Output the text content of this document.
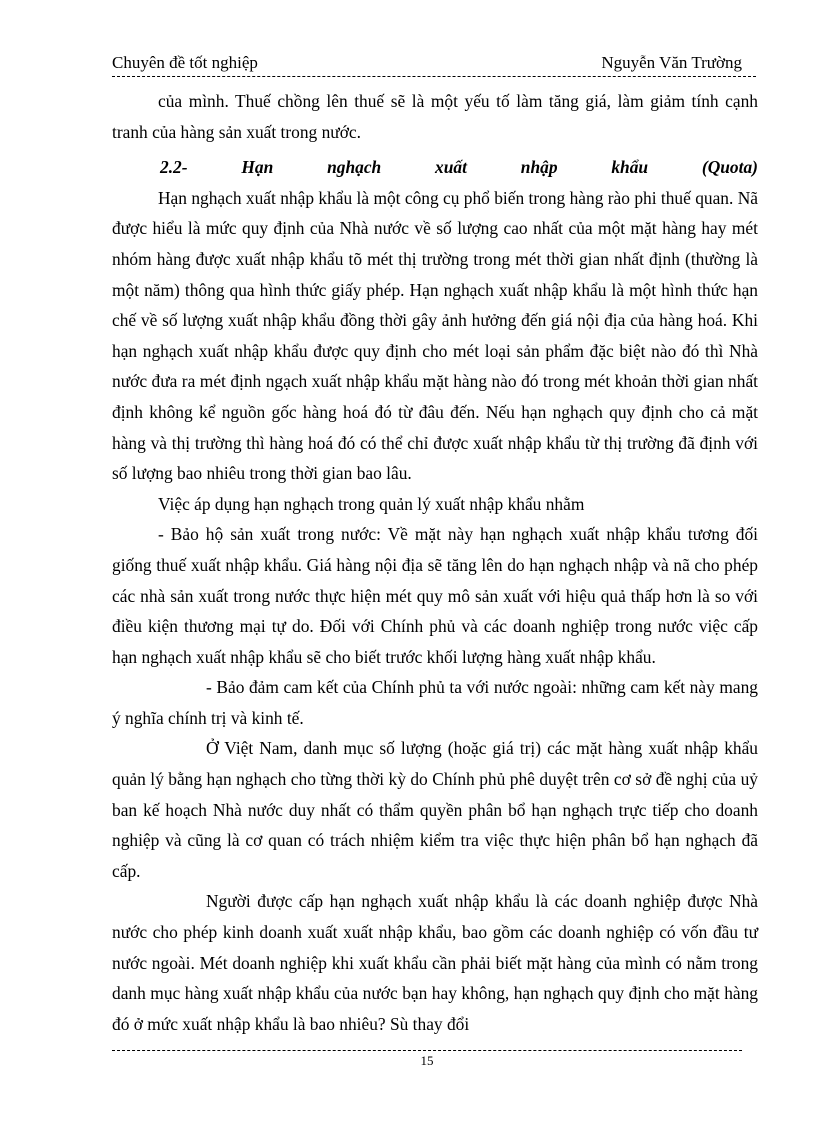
Chuyên đề tốt nghiệp	Nguyễn Văn Trường

của mình. Thuế chồng lên thuế sẽ là một yếu tố làm tăng giá, làm giảm tính cạnh tranh của hàng sản xuất trong nước.

2.2-	Hạn	nghạch	xuất	nhập	khẩu	(Quota)

Hạn nghạch xuất nhập khẩu là một công cụ phổ biến trong hàng rào phi thuế quan. Nã được hiểu là mức quy định của Nhà nước về số lượng cao nhất của một mặt hàng hay mét nhóm hàng được xuất nhập khẩu tõ mét thị trường trong mét thời gian nhất định (thường là một năm) thông qua hình thức giấy phép. Hạn nghạch xuất nhập khẩu là một hình thức hạn chế về số lượng xuất nhập khẩu đồng thời gây ảnh hưởng đến giá nội địa của hàng hoá. Khi hạn nghạch xuất nhập khẩu được quy định cho mét loại sản phẩm đặc biệt nào đó thì Nhà nước đưa ra mét định ngạch xuất nhập khẩu mặt hàng nào đó trong mét khoản thời gian nhất định không kể nguồn gốc hàng hoá đó từ đâu đến. Nếu hạn nghạch quy định cho cả mặt hàng và thị trường thì hàng hoá đó có thể chỉ được xuất nhập khẩu từ thị trường đã định với số lượng bao nhiêu trong thời gian bao lâu.

Việc áp dụng hạn nghạch trong quản lý xuất nhập khẩu nhằm

- Bảo hộ sản xuất trong nước: Về mặt này hạn nghạch xuất nhập khẩu tương đối giống thuế xuất nhập khẩu. Giá hàng nội địa sẽ tăng lên do hạn nghạch nhập và nã cho phép các nhà sản xuất trong nước thực hiện mét quy mô sản xuất với hiệu quả thấp hơn là so với điều kiện thương mại tự do. Đối với Chính phủ và các doanh nghiệp trong nước việc cấp hạn nghạch xuất nhập khẩu sẽ cho biết trước khối lượng hàng xuất nhập khẩu.

- Bảo đảm cam kết của Chính phủ ta với nước ngoài: những cam kết này mang ý nghĩa chính trị và kinh tế.

Ở Việt Nam, danh mục số lượng (hoặc giá trị) các mặt hàng xuất nhập khẩu quản lý bằng hạn nghạch cho từng thời kỳ do Chính phủ phê duyệt trên cơ sở đề nghị của uỷ ban kế hoạch Nhà nước duy nhất có thẩm quyền phân bổ hạn nghạch trực tiếp cho doanh nghiệp và cũng là cơ quan có trách nhiệm kiểm tra việc thực hiện phân bổ hạn nghạch đã cấp.

Người được cấp hạn nghạch xuất nhập khẩu là các doanh nghiệp được Nhà nước cho phép kinh doanh xuất xuất nhập khẩu, bao gồm các doanh nghiệp có vốn đầu tư nước ngoài. Mét doanh nghiệp khi xuất khẩu cần phải biết mặt hàng của mình có nằm trong danh mục hàng xuất nhập khẩu của nước bạn hay không, hạn nghạch quy định cho mặt hàng đó ở mức xuất nhập khẩu là bao nhiêu? Sù thay đổi

15
